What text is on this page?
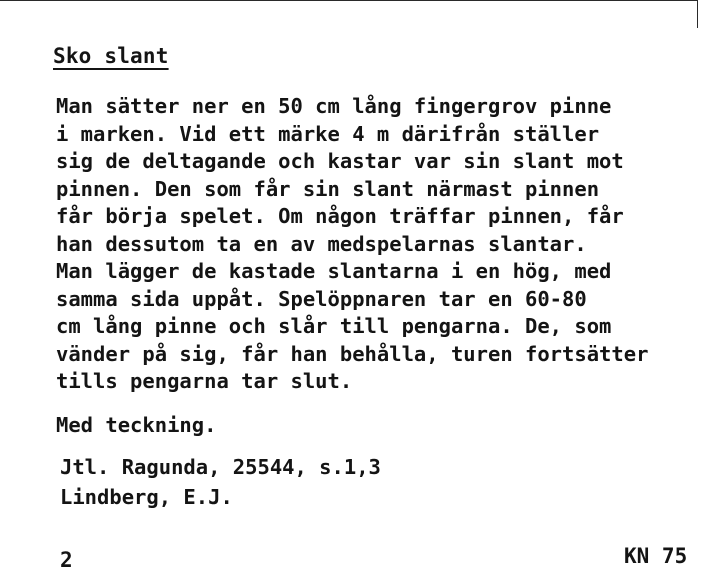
Sko slant
Man sätter ner en 50 cm lång fingergrov pinne
i marken. Vid ett märke 4 m därifrån ställer
sig de deltagande och kastar var sin slant mot
pinnen. Den som får sin slant närmast pinnen
får börja spelet. Om någon träffar pinnen, får
han dessutom ta en av medspelarnas slantar.
Man lägger de kastade slantarna i en hög, med
samma sida uppåt. Spelöppnaren tar en 60-80
cm lång pinne och slår till pengarna. De, som
vänder på sig, får han behålla, turen fortsätter
tills pengarna tar slut.
Med teckning.
Jtl. Ragunda, 25544, s.1,3
Lindberg, E.J.
2	KN 75
